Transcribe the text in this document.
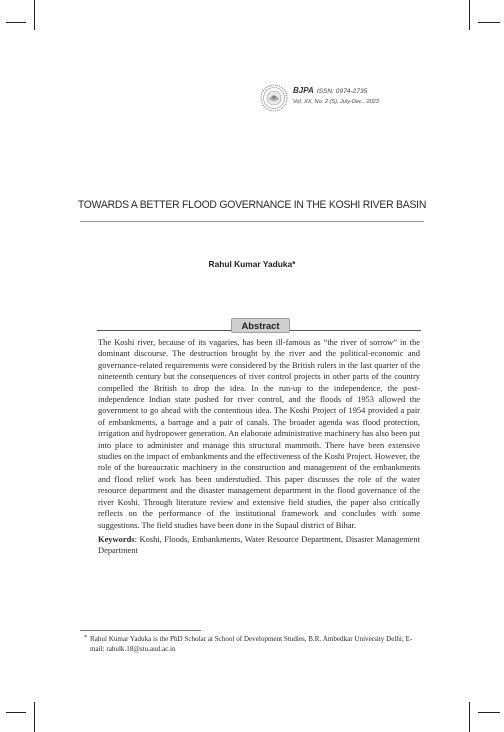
BJPA ISSN: 0974-2735
Vol. XX, No. 2 (S), July-Dec., 2023
TOWARDS A BETTER FLOOD GOVERNANCE IN THE KOSHI RIVER BASIN
Rahul Kumar Yaduka*
Abstract

The Koshi river, because of its vagaries, has been ill-famous as “the river of sorrow” in the dominant discourse. The destruction brought by the river and the political-economic and governance-related requirements were considered by the British rulers in the last quarter of the nineteenth century but the consequences of river control projects in other parts of the country compelled the British to drop the idea. In the run-up to the independence, the post-independence Indian state pushed for river control, and the floods of 1953 allowed the government to go ahead with the contentious idea. The Koshi Project of 1954 provided a pair of embankments, a barrage and a pair of canals. The broader agenda was flood protection, irrigation and hydropower generation. An elaborate administrative machinery has also been put into place to administer and manage this structural mammoth. There have been extensive studies on the impact of embankments and the effectiveness of the Koshi Project. However, the role of the bureaucratic machinery in the construction and management of the embankments and flood relief work has been understudied. This paper discusses the role of the water resource department and the disaster management department in the flood governance of the river Koshi. Through literature review and extensive field studies, the paper also critically reflects on the performance of the institutional framework and concludes with some suggestions. The field studies have been done in the Supaul district of Bihar.

Keywords: Koshi, Floods, Embankments, Water Resource Department, Disaster Management Department
* Rahul Kumar Yaduka is the PhD Scholar at School of Development Studies, B.R. Ambedkar University Delhi; E-mail: rahulk.18@stu.aud.ac.in
